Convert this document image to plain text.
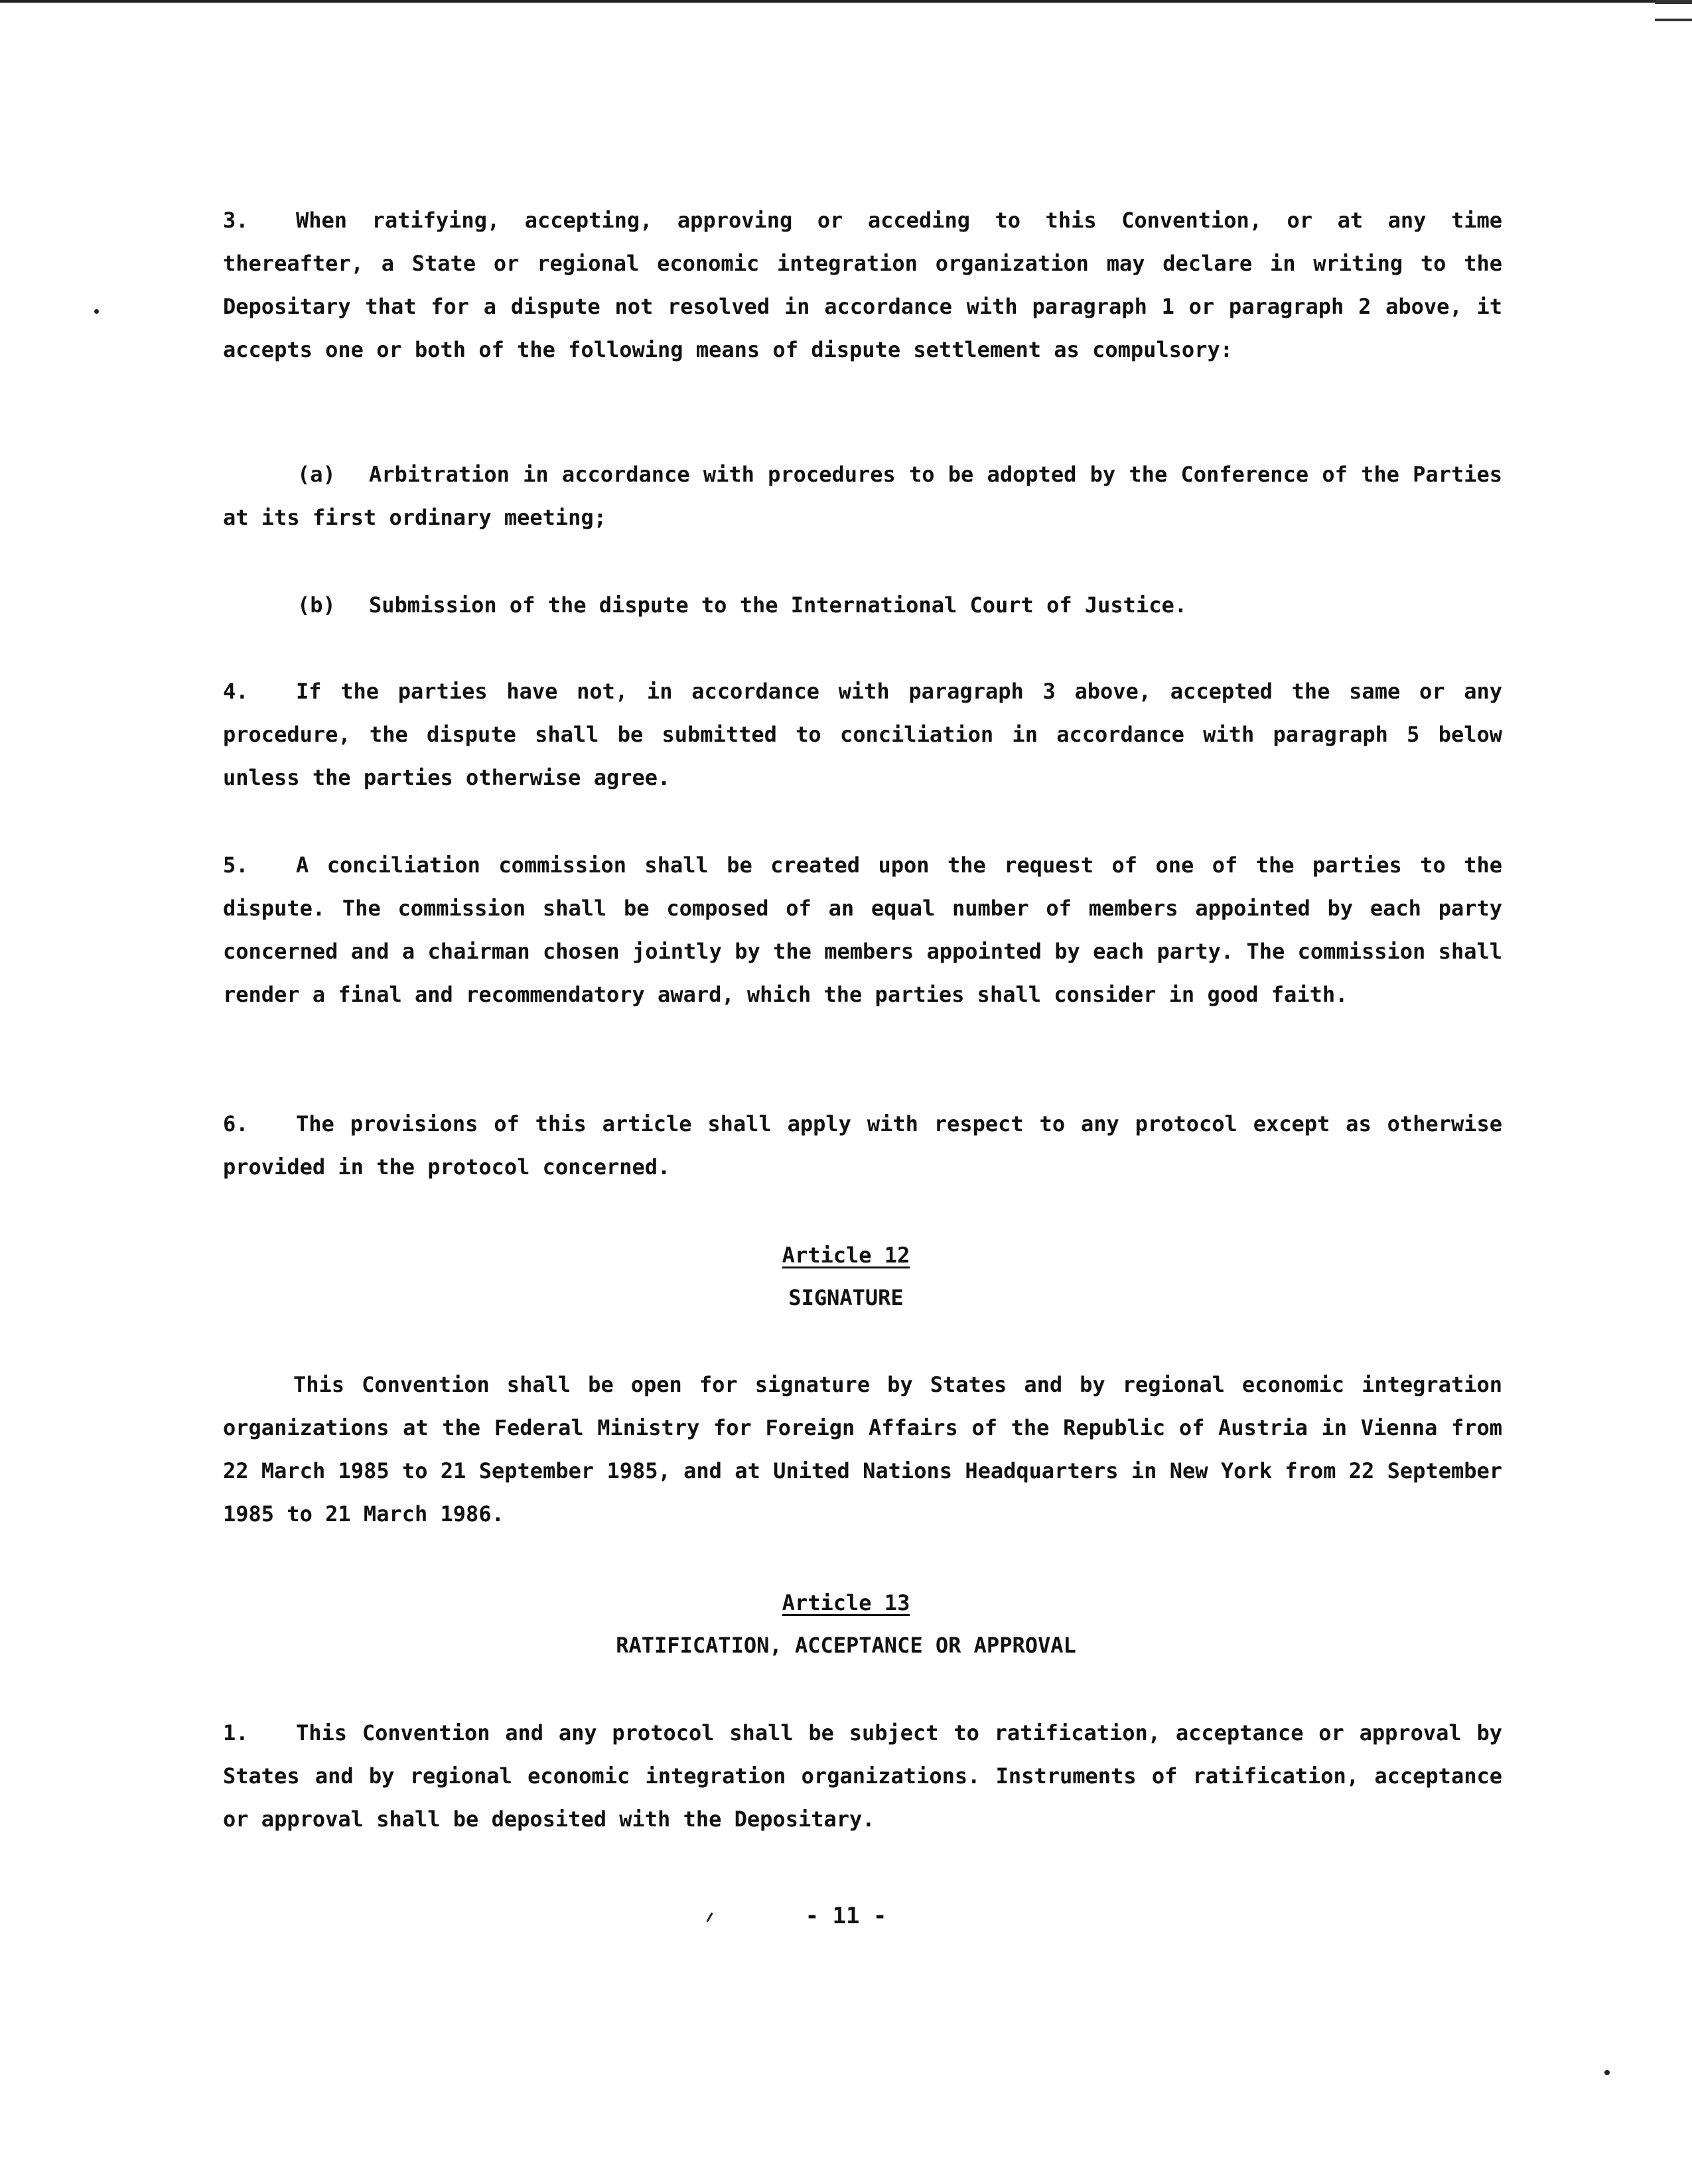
3. When ratifying, accepting, approving or acceding to this Convention, or at any time thereafter, a State or regional economic integration organization may declare in writing to the Depositary that for a dispute not resolved in accordance with paragraph 1 or paragraph 2 above, it accepts one or both of the following means of dispute settlement as compulsory:

(a) Arbitration in accordance with procedures to be adopted by the Conference of the Parties at its first ordinary meeting;

(b) Submission of the dispute to the International Court of Justice.

4. If the parties have not, in accordance with paragraph 3 above, accepted the same or any procedure, the dispute shall be submitted to conciliation in accordance with paragraph 5 below unless the parties otherwise agree.

5. A conciliation commission shall be created upon the request of one of the parties to the dispute. The commission shall be composed of an equal number of members appointed by each party concerned and a chairman chosen jointly by the members appointed by each party. The commission shall render a final and recommendatory award, which the parties shall consider in good faith.

6. The provisions of this article shall apply with respect to any protocol except as otherwise provided in the protocol concerned.

Article 12

SIGNATURE

This Convention shall be open for signature by States and by regional economic integration organizations at the Federal Ministry for Foreign Affairs of the Republic of Austria in Vienna from 22 March 1985 to 21 September 1985, and at United Nations Headquarters in New York from 22 September 1985 to 21 March 1986.

Article 13

RATIFICATION, ACCEPTANCE OR APPROVAL

1. This Convention and any protocol shall be subject to ratification, acceptance or approval by States and by regional economic integration organizations. Instruments of ratification, acceptance or approval shall be deposited with the Depositary.

- 11 -
